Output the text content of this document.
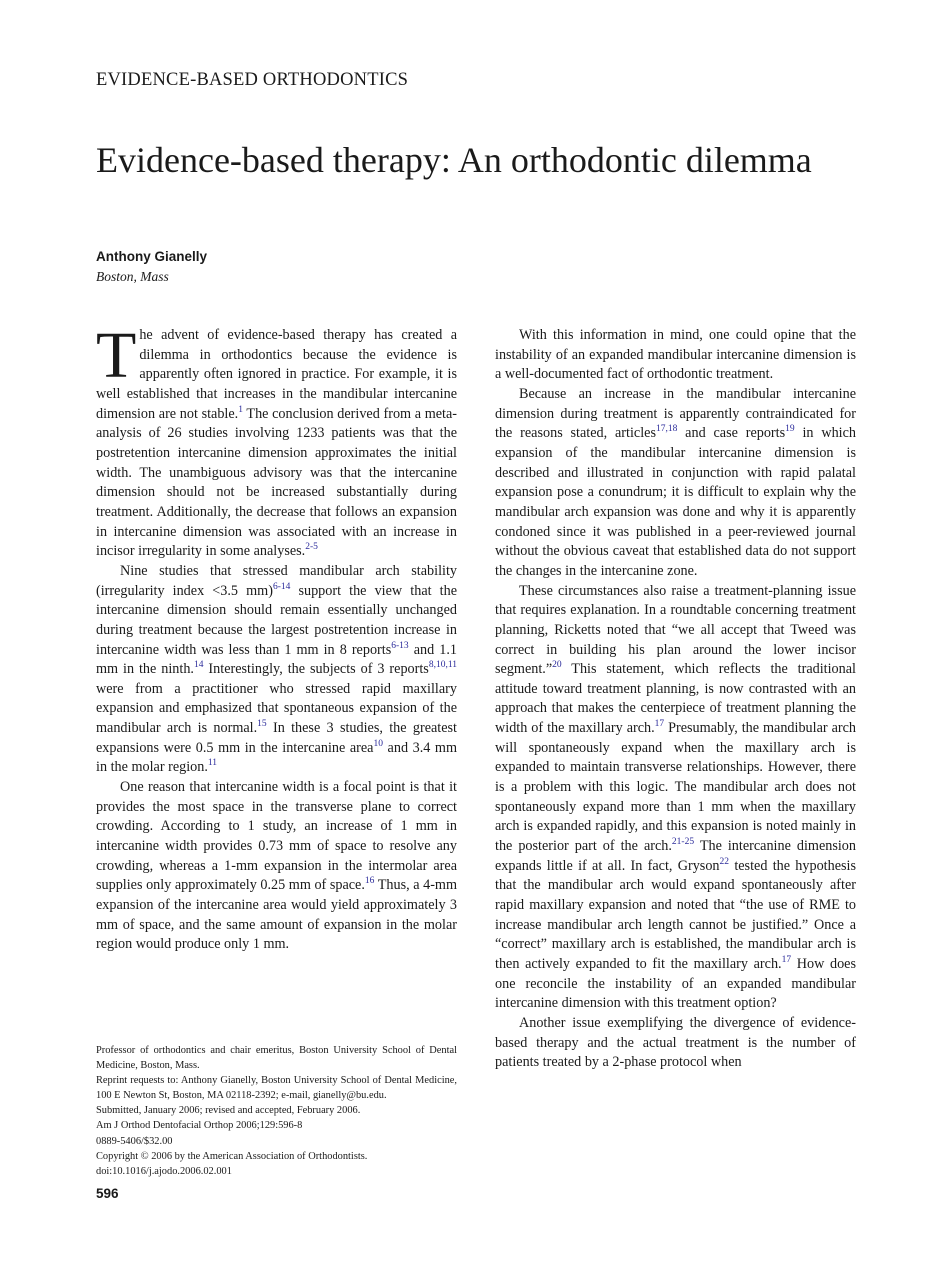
EVIDENCE-BASED ORTHODONTICS
Evidence-based therapy: An orthodontic dilemma
Anthony Gianelly
Boston, Mass

The advent of evidence-based therapy has created a dilemma in orthodontics because the evidence is apparently often ignored in practice. For example, it is well established that increases in the mandibular intercanine dimension are not stable.$^1$ The conclusion derived from a meta-analysis of 26 studies involving 1233 patients was that the postretention intercanine dimension approximates the initial width. The unambiguous advisory was that the intercanine dimension should not be increased substantially during treatment. Additionally, the decrease that follows an expansion in intercanine dimension was associated with an increase in incisor irregularity in some analyses.$^{2-5}$

Nine studies that stressed mandibular arch stability (irregularity index <3.5 mm)$^{6-14}$ support the view that the intercanine dimension should remain essentially unchanged during treatment because the largest postretention increase in intercanine width was less than 1 mm in 8 reports$^{6-13}$ and 1.1 mm in the ninth.$^{14}$ Interestingly, the subjects of 3 reports$^{8,10,11}$ were from a practitioner who stressed rapid maxillary expansion and emphasized that spontaneous expansion of the mandibular arch is normal.$^{15}$ In these 3 studies, the greatest expansions were 0.5 mm in the intercanine area$^{10}$ and 3.4 mm in the molar region.$^{11}$

One reason that intercanine width is a focal point is that it provides the most space in the transverse plane to correct crowding. According to 1 study, an increase of 1 mm in intercanine width provides 0.73 mm of space to resolve any crowding, whereas a 1-mm expansion in the intermolar area supplies only approximately 0.25 mm of space.$^{16}$ Thus, a 4-mm expansion of the intercanine area would yield approximately 3 mm of space, and the same amount of expansion in the molar region would produce only 1 mm.

With this information in mind, one could opine that the instability of an expanded mandibular intercanine dimension is a well-documented fact of orthodontic treatment.

Because an increase in the mandibular intercanine dimension during treatment is apparently contraindicated for the reasons stated, articles$^{17,18}$ and case reports$^{19}$ in which expansion of the mandibular intercanine dimension is described and illustrated in conjunction with rapid palatal expansion pose a conundrum; it is difficult to explain why the mandibular arch expansion was done and why it is apparently condoned since it was published in a peer-reviewed journal without the obvious caveat that established data do not support the changes in the intercanine zone.

These circumstances also raise a treatment-planning issue that requires explanation. In a roundtable concerning treatment planning, Ricketts noted that “we all accept that Tweed was correct in building his plan around the lower incisor segment.”$^{20}$ This statement, which reflects the traditional attitude toward treatment planning, is now contrasted with an approach that makes the centerpiece of treatment planning the width of the maxillary arch.$^{17}$ Presumably, the mandibular arch will spontaneously expand when the maxillary arch is expanded to maintain transverse relationships. However, there is a problem with this logic. The mandibular arch does not spontaneously expand more than 1 mm when the maxillary arch is expanded rapidly, and this expansion is noted mainly in the posterior part of the arch.$^{21-25}$ The intercanine dimension expands little if at all. In fact, Gryson$^{22}$ tested the hypothesis that the mandibular arch would expand spontaneously after rapid maxillary expansion and noted that “the use of RME to increase mandibular arch length cannot be justified.” Once a “correct” maxillary arch is established, the mandibular arch is then actively expanded to fit the maxillary arch.$^{17}$ How does one reconcile the instability of an expanded mandibular intercanine dimension with this treatment option?

Another issue exemplifying the divergence of evidence-based therapy and the actual treatment is the number of patients treated by a 2-phase protocol when

Professor of orthodontics and chair emeritus, Boston University School of Dental Medicine, Boston, Mass.
Reprint requests to: Anthony Gianelly, Boston University School of Dental Medicine, 100 E Newton St, Boston, MA 02118-2392; e-mail, gianelly@bu.edu.
Submitted, January 2006; revised and accepted, February 2006.
Am J Orthod Dentofacial Orthop 2006;129:596-8
0889-5406/$32.00
Copyright © 2006 by the American Association of Orthodontists.
doi:10.1016/j.ajodo.2006.02.001
596
